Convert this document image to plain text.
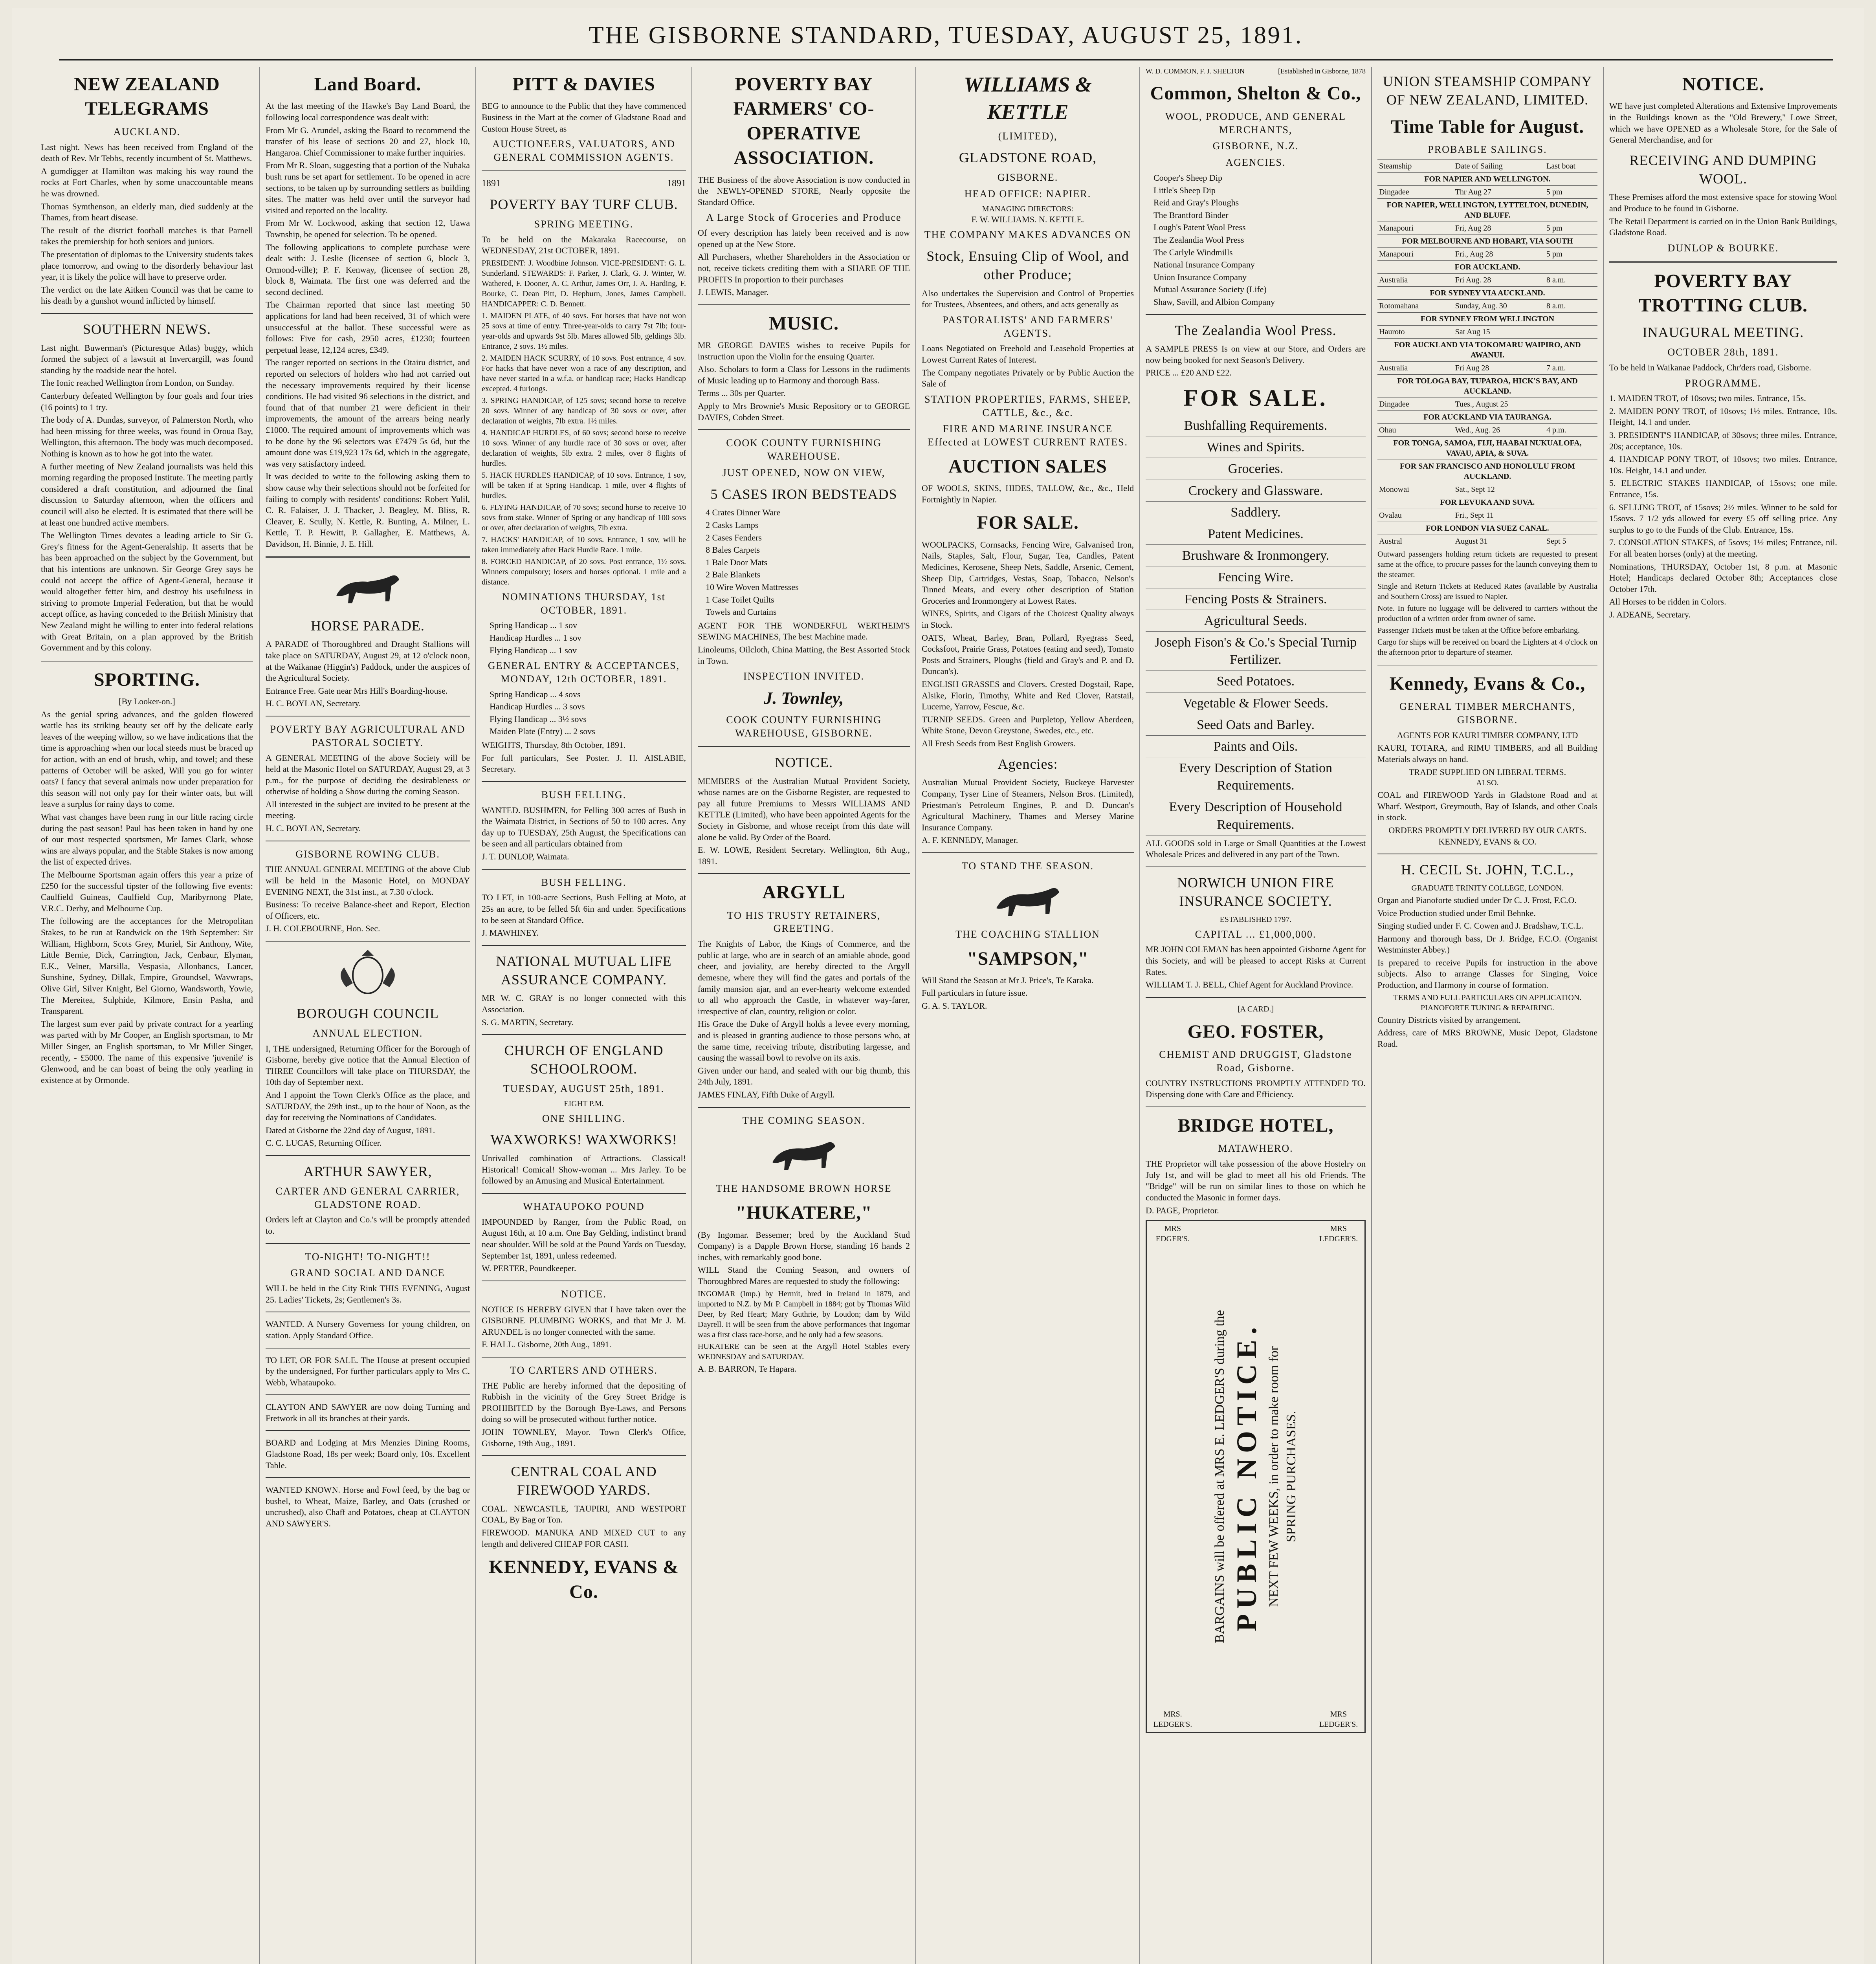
THE GISBORNE STANDARD, TUESDAY, AUGUST 25, 1891.
NEW ZEALAND TELEGRAMS
AUCKLAND.

Last night. News has been received from England of the death of Rev. Mr Tebbs, recently incumbent of St. Matthews.

A gumdigger at Hamilton was making his way round the rocks at Fort Charles, when by some unaccountable means he was drowned.

Thomas Symthenson, an elderly man, died suddenly at the Thames, from heart disease.

The result of the district football matches is that Parnell takes the premiership for both seniors and juniors.

The presentation of diplomas to the University students takes place tomorrow, and owing to the disorderly behaviour last year, it is likely the police will have to preserve order.

The verdict on the late Aitken Council was that he came to his death by a gunshot wound inflicted by himself.

SOUTHERN NEWS.

Last night. Buwerman's (Picturesque Atlas) buggy, which formed the subject of a lawsuit at Invercargill, was found standing by the roadside near the hotel.

The Ionic reached Wellington from London, on Sunday.

Canterbury defeated Wellington by four goals and four tries (16 points) to 1 try.

The body of A. Dundas, surveyor, of Palmerston North, who had been missing for three weeks, was found in Oroua Bay, Wellington, this afternoon. The body was much decomposed. Nothing is known as to how he got into the water.

A further meeting of New Zealand journalists was held this morning regarding the proposed Institute. The meeting partly considered a draft constitution, and adjourned the final discussion to Saturday afternoon, when the officers and council will also be elected. It is estimated that there will be at least one hundred active members.

The Wellington Times devotes a leading article to Sir G. Grey's fitness for the Agent-Generalship. It asserts that he has been approached on the subject by the Government, but that his intentions are unknown. Sir George Grey says he could not accept the office of Agent-General, because it would altogether fetter him, and destroy his usefulness in striving to promote Imperial Federation, but that he would accept office, as having conceded to the British Ministry that New Zealand might be willing to enter into federal relations with Great Britain, on a plan approved by the British Government and by this colony.

SPORTING.
[By Looker-on.]

As the genial spring advances, and the golden flowered wattle has its striking beauty set off by the delicate early leaves of the weeping willow, so we have indications that the time is approaching when our local steeds must be braced up for action, with an end of brush, whip, and towel; and these patterns of October will be asked, Will you go for winter oats? I fancy that several animals now under preparation for this season will not only pay for their winter oats, but will leave a surplus for rainy days to come.

What vast changes have been rung in our little racing circle during the past season! Paul has been taken in hand by one of our most respected sportsmen, Mr James Clark, whose wins are always popular, and the Stable Stakes is now among the list of expected drives.

The Melbourne Sportsman again offers this year a prize of £250 for the successful tipster of the following five events: Caulfield Guineas, Caulfield Cup, Maribyrnong Plate, V.R.C. Derby, and Melbourne Cup.

The following are the acceptances for the Metropolitan Stakes, to be run at Randwick on the 19th September: Sir William, Highborn, Scots Grey, Muriel, Sir Anthony, Wite, Little Bernie, Dick, Carrington, Jack, Cenbaur, Elyman, E.K., Velner, Marsilla, Vespasia, Allonbancs, Lancer, Sunshine, Sydney, Dillak, Empire, Groundsel, Wavwraps, Olive Girl, Silver Knight, Bel Giorno, Wandsworth, Yowie, The Mereitea, Sulphide, Kilmore, Ensin Pasha, and Transparent.

The largest sum ever paid by private contract for a yearling was parted with by Mr Cooper, an English sportsman, to Mr Miller Singer, an English sportsman, to Mr Miller Singer, recently, - £5000. The name of this expensive 'juvenile' is Glenwood, and he can boast of being the only yearling in existence at by Ormonde.

Land Board.

At the last meeting of the Hawke's Bay Land Board, the following local correspondence was dealt with:

From Mr G. Arundel, asking the Board to recommend the transfer of his lease of sections 20 and 27, block 10, Hangaroa. Chief Commissioner to make further inquiries.

From Mr R. Sloan, suggesting that a portion of the Nuhaka bush runs be set apart for settlement. To be opened in acre sections, to be taken up by surrounding settlers as building sites. The matter was held over until the surveyor had visited and reported on the locality.

From Mr W. Lockwood, asking that section 12, Uawa Township, be opened for selection. To be opened.

The following applications to complete purchase were dealt with: J. Leslie (licensee of section 6, block 3, Ormond-ville); P. F. Kenway, (licensee of section 28, block 8, Waimata. The first one was deferred and the second declined.

The Chairman reported that since last meeting 50 applications for land had been received, 31 of which were unsuccessful at the ballot. These successful were as follows: Five for cash, 2950 acres, £1230; fourteen perpetual lease, 12,124 acres, £349.

The ranger reported on sections in the Otairu district, and reported on selectors of holders who had not carried out the necessary improvements required by their license conditions. He had visited 96 selections in the district, and found that of that number 21 were deficient in their improvements, the amount of the arrears being nearly £1000. The required amount of improvements which was to be done by the 96 selectors was £7479 5s 6d, but the amount done was £19,923 17s 6d, which in the aggregate, was very satisfactory indeed.

It was decided to write to the following asking them to show cause why their selections should not be forfeited for failing to comply with residents' conditions: Robert Yulil, C. R. Falaiser, J. J. Thacker, J. Beagley, M. Bliss, R. Cleaver, E. Scully, N. Kettle, R. Bunting, A. Milner, L. Kettle, T. P. Hewitt, P. Gallagher, E. Matthews, A. Davidson, H. Binnie, J. E. Hill.

HORSE PARADE.

A PARADE of Thoroughbred and Draught Stallions will take place on SATURDAY, August 29, at 12 o'clock noon, at the Waikanae (Higgin's) Paddock, under the auspices of the Agricultural Society.

Entrance Free. Gate near Mrs Hill's Boarding-house.

H. C. BOYLAN, Secretary.

POVERTY BAY AGRICULTURAL AND PASTORAL SOCIETY.

A GENERAL MEETING of the above Society will be held at the Masonic Hotel on SATURDAY, August 29, at 3 p.m., for the purpose of deciding the desirableness or otherwise of holding a Show during the coming Season.

All interested in the subject are invited to be present at the meeting.

H. C. BOYLAN, Secretary.

GISBORNE ROWING CLUB.

THE ANNUAL GENERAL MEETING of the above Club will be held in the Masonic Hotel, on MONDAY EVENING NEXT, the 31st inst., at 7.30 o'clock.

Business: To receive Balance-sheet and Report, Election of Officers, etc.

J. H. COLEBOURNE, Hon. Sec.

BOROUGH COUNCIL
ANNUAL ELECTION.

I, THE undersigned, Returning Officer for the Borough of Gisborne, hereby give notice that the Annual Election of THREE Councillors will take place on THURSDAY, the 10th day of September next.

And I appoint the Town Clerk's Office as the place, and SATURDAY, the 29th inst., up to the hour of Noon, as the day for receiving the Nominations of Candidates.

Dated at Gisborne the 22nd day of August, 1891.

C. C. LUCAS, Returning Officer.

ARTHUR SAWYER,
CARTER AND GENERAL CARRIER, GLADSTONE ROAD.

Orders left at Clayton and Co.'s will be promptly attended to.

TO-NIGHT! TO-NIGHT!!
GRAND SOCIAL AND DANCE

WILL be held in the City Rink THIS EVENING, August 25. Ladies' Tickets, 2s; Gentlemen's 3s.

WANTED. A Nursery Governess for young children, on station. Apply Standard Office.

TO LET, OR FOR SALE. The House at present occupied by the undersigned, For further particulars apply to Mrs C. Webb, Whataupoko.

CLAYTON AND SAWYER are now doing Turning and Fretwork in all its branches at their yards.

BOARD and Lodging at Mrs Menzies Dining Rooms, Gladstone Road, 18s per week; Board only, 10s. Excellent Table.

WANTED KNOWN. Horse and Fowl feed, by the bag or bushel, to Wheat, Maize, Barley, and Oats (crushed or uncrushed), also Chaff and Potatoes, cheap at CLAYTON AND SAWYER'S.

PITT & DAVIES

BEG to announce to the Public that they have commenced Business in the Mart at the corner of Gladstone Road and Custom House Street, as

AUCTIONEERS, VALUATORS, AND GENERAL COMMISSION AGENTS.
1891	1891
POVERTY BAY TURF CLUB.
SPRING MEETING.

To be held on the Makaraka Racecourse, on WEDNESDAY, 21st OCTOBER, 1891.

PRESIDENT: J. Woodbine Johnson. VICE-PRESIDENT: G. L. Sunderland. STEWARDS: F. Parker, J. Clark, G. J. Winter, W. Wathered, F. Dooner, A. C. Arthur, James Orr, J. A. Harding, F. Bourke, C. Dean Pitt, D. Hepburn, Jones, James Campbell. HANDICAPPER: C. D. Bennett.

1. MAIDEN PLATE, of 40 sovs. For horses that have not won 25 sovs at time of entry. Three-year-olds to carry 7st 7lb; four-year-olds and upwards 9st 5lb. Mares allowed 5lb, geldings 3lb. Entrance, 2 sovs. 1½ miles.

2. MAIDEN HACK SCURRY, of 10 sovs. Post entrance, 4 sov. For hacks that have never won a race of any description, and have never started in a w.f.a. or handicap race; Hacks Handicap excepted. 4 furlongs.

3. SPRING HANDICAP, of 125 sovs; second horse to receive 20 sovs. Winner of any handicap of 30 sovs or over, after declaration of weights, 7lb extra. 1½ miles.

4. HANDICAP HURDLES, of 60 sovs; second horse to receive 10 sovs. Winner of any hurdle race of 30 sovs or over, after declaration of weights, 5lb extra. 2 miles, over 8 flights of hurdles.

5. HACK HURDLES HANDICAP, of 10 sovs. Entrance, 1 sov, will be taken if at Spring Handicap. 1 mile, over 4 flights of hurdles.

6. FLYING HANDICAP, of 70 sovs; second horse to receive 10 sovs from stake. Winner of Spring or any handicap of 100 sovs or over, after declaration of weights, 7lb extra.

7. HACKS' HANDICAP, of 10 sovs. Entrance, 1 sov, will be taken immediately after Hack Hurdle Race. 1 mile.

8. FORCED HANDICAP, of 20 sovs. Post entrance, 1½ sovs. Winners compulsory; losers and horses optional. 1 mile and a distance.

NOMINATIONS THURSDAY, 1st OCTOBER, 1891.
Spring Handicap ... 1 sov
Handicap Hurdles ... 1 sov
Flying Handicap ... 1 sov
GENERAL ENTRY & ACCEPTANCES, MONDAY, 12th OCTOBER, 1891.
Spring Handicap ... 4 sovs
Handicap Hurdles ... 3 sovs
Flying Handicap ... 3½ sovs
Maiden Plate (Entry) ... 2 sovs

WEIGHTS, Thursday, 8th October, 1891.

For full particulars, See Poster. J. H. AISLABIE, Secretary.

BUSH FELLING.

WANTED. BUSHMEN, for Felling 300 acres of Bush in the Waimata District, in Sections of 50 to 100 acres. Any day up to TUESDAY, 25th August, the Specifications can be seen and all particulars obtained from

J. T. DUNLOP, Waimata.

BUSH FELLING.

TO LET, in 100-acre Sections, Bush Felling at Moto, at 25s an acre, to be felled 5ft 6in and under. Specifications to be seen at Standard Office.

J. MAWHINEY.

NATIONAL MUTUAL LIFE ASSURANCE COMPANY.

MR W. C. GRAY is no longer connected with this Association.

S. G. MARTIN, Secretary.

CHURCH OF ENGLAND SCHOOLROOM.
TUESDAY, AUGUST 25th, 1891.
EIGHT P.M.
ONE SHILLING.
WAXWORKS! WAXWORKS!

Unrivalled combination of Attractions. Classical! Historical! Comical! Show-woman ... Mrs Jarley. To be followed by an Amusing and Musical Entertainment.

WHATAUPOKO POUND

IMPOUNDED by Ranger, from the Public Road, on August 16th, at 10 a.m. One Bay Gelding, indistinct brand near shoulder. Will be sold at the Pound Yards on Tuesday, September 1st, 1891, unless redeemed.

W. PERTER, Poundkeeper.

NOTICE.

NOTICE IS HEREBY GIVEN that I have taken over the GISBORNE PLUMBING WORKS, and that Mr J. M. ARUNDEL is no longer connected with the same.

F. HALL. Gisborne, 20th Aug., 1891.

TO CARTERS AND OTHERS.

THE Public are hereby informed that the depositing of Rubbish in the vicinity of the Grey Street Bridge is PROHIBITED by the Borough Bye-Laws, and Persons doing so will be prosecuted without further notice.

JOHN TOWNLEY, Mayor. Town Clerk's Office, Gisborne, 19th Aug., 1891.

CENTRAL COAL AND FIREWOOD YARDS.

COAL. NEWCASTLE, TAUPIRI, AND WESTPORT COAL, By Bag or Ton.

FIREWOOD. MANUKA AND MIXED CUT to any length and delivered CHEAP FOR CASH.

KENNEDY, EVANS & Co.
POVERTY BAY FARMERS' CO-OPERATIVE ASSOCIATION.

THE Business of the above Association is now conducted in the NEWLY-OPENED STORE, Nearly opposite the Standard Office.

A Large Stock of Groceries and Produce

Of every description has lately been received and is now opened up at the New Store.

All Purchasers, whether Shareholders in the Association or not, receive tickets crediting them with a SHARE OF THE PROFITS In proportion to their purchases

J. LEWIS, Manager.

MUSIC.

MR GEORGE DAVIES wishes to receive Pupils for instruction upon the Violin for the ensuing Quarter.

Also. Scholars to form a Class for Lessons in the rudiments of Music leading up to Harmony and thorough Bass.

Terms ... 30s per Quarter.

Apply to Mrs Brownie's Music Repository or to GEORGE DAVIES, Cobden Street.

COOK COUNTY FURNISHING WAREHOUSE.
JUST OPENED, NOW ON VIEW,
5 CASES IRON BEDSTEADS
4 Crates Dinner Ware
2 Casks Lamps
2 Cases Fenders
8 Bales Carpets
1 Bale Door Mats
2 Bale Blankets
10 Wire Woven Mattresses
1 Case Toilet Quilts
Towels and Curtains

AGENT FOR THE WONDERFUL WERTHEIM'S SEWING MACHINES, The best Machine made.

Linoleums, Oilcloth, China Matting, the Best Assorted Stock in Town.

INSPECTION INVITED.
J. Townley,
COOK COUNTY FURNISHING WAREHOUSE, GISBORNE.
NOTICE.

MEMBERS of the Australian Mutual Provident Society, whose names are on the Gisborne Register, are requested to pay all future Premiums to Messrs WILLIAMS AND KETTLE (Limited), who have been appointed Agents for the Society in Gisborne, and whose receipt from this date will alone be valid. By Order of the Board.

E. W. LOWE, Resident Secretary. Wellington, 6th Aug., 1891.

ARGYLL
TO HIS TRUSTY RETAINERS, GREETING.

The Knights of Labor, the Kings of Commerce, and the public at large, who are in search of an amiable abode, good cheer, and joviality, are hereby directed to the Argyll demesne, where they will find the gates and portals of the family mansion ajar, and an ever-hearty welcome extended to all who approach the Castle, in whatever way-farer, irrespective of clan, country, religion or color.

His Grace the Duke of Argyll holds a levee every morning, and is pleased in granting audience to those persons who, at the same time, receiving tribute, distributing largesse, and causing the wassail bowl to revolve on its axis.

Given under our hand, and sealed with our big thumb, this 24th July, 1891.

JAMES FINLAY, Fifth Duke of Argyll.

THE COMING SEASON.
THE HANDSOME BROWN HORSE
"HUKATERE,"

(By Ingomar. Bessemer; bred by the Auckland Stud Company) is a Dapple Brown Horse, standing 16 hands 2 inches, with remarkably good bone.

WILL Stand the Coming Season, and owners of Thoroughbred Mares are requested to study the following:

INGOMAR (Imp.) by Hermit, bred in Ireland in 1879, and imported to N.Z. by Mr P. Campbell in 1884; got by Thomas Wild Deer, by Red Heart; Mary Guthrie, by Loudon; dam by Wild Dayrell. It will be seen from the above performances that Ingomar was a first class race-horse, and he only had a few seasons.

HUKATERE can be seen at the Argyll Hotel Stables every WEDNESDAY and SATURDAY.

A. B. BARRON, Te Hapara.

WILLIAMS & KETTLE
(LIMITED),
GLADSTONE ROAD,
GISBORNE.
HEAD OFFICE: NAPIER.
MANAGING DIRECTORS:
F. W. WILLIAMS. N. KETTLE.
THE COMPANY MAKES ADVANCES ON
Stock, Ensuing Clip of Wool, and other Produce;

Also undertakes the Supervision and Control of Properties for Trustees, Absentees, and others, and acts generally as

PASTORALISTS' AND FARMERS' AGENTS.

Loans Negotiated on Freehold and Leasehold Properties at Lowest Current Rates of Interest.

The Company negotiates Privately or by Public Auction the Sale of

STATION PROPERTIES, FARMS, SHEEP, CATTLE, &c., &c.
FIRE AND MARINE INSURANCE Effected at LOWEST CURRENT RATES.
AUCTION SALES

OF WOOLS, SKINS, HIDES, TALLOW, &c., &c., Held Fortnightly in Napier.

FOR SALE.

WOOLPACKS, Cornsacks, Fencing Wire, Galvanised Iron, Nails, Staples, Salt, Flour, Sugar, Tea, Candles, Patent Medicines, Kerosene, Sheep Nets, Saddle, Arsenic, Cement, Sheep Dip, Cartridges, Vestas, Soap, Tobacco, Nelson's Tinned Meats, and every other description of Station Groceries and Ironmongery at Lowest Rates.

WINES, Spirits, and Cigars of the Choicest Quality always in Stock.

OATS, Wheat, Barley, Bran, Pollard, Ryegrass Seed, Cocksfoot, Prairie Grass, Potatoes (eating and seed), Tomato Posts and Strainers, Ploughs (field and Gray's and P. and D. Duncan's).

ENGLISH GRASSES and Clovers. Crested Dogstail, Rape, Alsike, Florin, Timothy, White and Red Clover, Ratstail, Lucerne, Yarrow, Fescue, &c.

TURNIP SEEDS. Green and Purpletop, Yellow Aberdeen, White Stone, Devon Greystone, Swedes, etc., etc.

All Fresh Seeds from Best English Growers.

Agencies:

Australian Mutual Provident Society, Buckeye Harvester Company, Tyser Line of Steamers, Nelson Bros. (Limited), Priestman's Petroleum Engines, P. and D. Duncan's Agricultural Machinery, Thames and Mersey Marine Insurance Company.

A. F. KENNEDY, Manager.

TO STAND THE SEASON.
THE COACHING STALLION
"SAMPSON,"

Will Stand the Season at Mr J. Price's, Te Karaka.

Full particulars in future issue.

G. A. S. TAYLOR.

W. D. COMMON, F. J. SHELTON	[Established in Gisborne, 1878
Common, Shelton & Co.,
WOOL, PRODUCE, AND GENERAL MERCHANTS,
GISBORNE, N.Z.
AGENCIES.
Cooper's Sheep Dip
Little's Sheep Dip
Reid and Gray's Ploughs
The Brantford Binder
Lough's Patent Wool Press
The Zealandia Wool Press
The Carlyle Windmills
National Insurance Company
Union Insurance Company
Mutual Assurance Society (Life)
Shaw, Savill, and Albion Company
The Zealandia Wool Press.

A SAMPLE PRESS Is on view at our Store, and Orders are now being booked for next Season's Delivery.

PRICE ... £20 AND £22.

FOR SALE.
Bushfalling Requirements.
Wines and Spirits.
Groceries.
Crockery and Glassware.
Saddlery.
Patent Medicines.
Brushware & Ironmongery.
Fencing Wire.
Fencing Posts & Strainers.
Agricultural Seeds.
Joseph Fison's & Co.'s Special Turnip Fertilizer.
Seed Potatoes.
Vegetable & Flower Seeds.
Seed Oats and Barley.
Paints and Oils.
Every Description of Station Requirements.
Every Description of Household Requirements.

ALL GOODS sold in Large or Small Quantities at the Lowest Wholesale Prices and delivered in any part of the Town.

NORWICH UNION FIRE INSURANCE SOCIETY.
ESTABLISHED 1797.
CAPITAL ... £1,000,000.

MR JOHN COLEMAN has been appointed Gisborne Agent for this Society, and will be pleased to accept Risks at Current Rates.

WILLIAM T. J. BELL, Chief Agent for Auckland Province.

[A CARD.]
GEO. FOSTER,
CHEMIST AND DRUGGIST, Gladstone Road, Gisborne.

COUNTRY INSTRUCTIONS PROMPTLY ATTENDED TO. Dispensing done with Care and Efficiency.

BRIDGE HOTEL,
MATAWHERO.

THE Proprietor will take possession of the above Hostelry on July 1st, and will be glad to meet all his old Friends. The "Bridge" will be run on similar lines to those on which he conducted the Masonic in former days.

D. PAGE, Proprietor.

MRS EDGER'S.
MRS LEDGER'S.
MRS. LEDGER'S.
MRS LEDGER'S.
BARGAINS will be offered at MRS E. LEDGER'S during the PUBLIC NOTICE. NEXT FEW WEEKS, in order to make room for SPRING PURCHASES.
UNION STEAMSHIP COMPANY OF NEW ZEALAND, LIMITED.
Time Table for August.
PROBABLE SAILINGS.
Steamship	Date of Sailing	Last boat
FOR NAPIER AND WELLINGTON.		
Dingadee	Thr Aug 27	5 pm
FOR NAPIER, WELLINGTON, LYTTELTON, DUNEDIN, AND BLUFF.		
Manapouri	Fri, Aug 28	5 pm
FOR MELBOURNE AND HOBART, VIA SOUTH		
Manapouri	Fri., Aug 28	5 pm
FOR AUCKLAND.		
Australia	Fri Aug. 28	8 a.m.
FOR SYDNEY VIA AUCKLAND.		
Rotomahana	Sunday, Aug. 30	8 a.m.
FOR SYDNEY FROM WELLINGTON		
Hauroto	Sat Aug 15	
FOR AUCKLAND VIA TOKOMARU WAIPIRO, AND AWANUI.		
Australia	Fri Aug 28	7 a.m.
FOR TOLOGA BAY, TUPAROA, HICK'S BAY, AND AUCKLAND.		
Dingadee	Tues., August 25	
FOR AUCKLAND VIA TAURANGA.		
Ohau	Wed., Aug. 26	4 p.m.
FOR TONGA, SAMOA, FIJI, HAABAI NUKUALOFA, VAVAU, APIA, & SUVA.		
FOR SAN FRANCISCO AND HONOLULU FROM AUCKLAND.		
Monowai	Sat., Sept 12	
FOR LEVUKA AND SUVA.		
Ovalau	Fri., Sept 11	
FOR LONDON VIA SUEZ CANAL.		
Austral	August 31	Sept 5

Outward passengers holding return tickets are requested to present same at the office, to procure passes for the launch conveying them to the steamer.

Single and Return Tickets at Reduced Rates (available by Australia and Southern Cross) are issued to Napier.

Note. In future no luggage will be delivered to carriers without the production of a written order from owner of same.

Passenger Tickets must be taken at the Office before embarking.

Cargo for ships will be received on board the Lighters at 4 o'clock on the afternoon prior to departure of steamer.

Kennedy, Evans & Co.,
GENERAL TIMBER MERCHANTS, GISBORNE.
AGENTS FOR KAURI TIMBER COMPANY, LTD

KAURI, TOTARA, and RIMU TIMBERS, and all Building Materials always on hand.

TRADE SUPPLIED ON LIBERAL TERMS.
ALSO.

COAL and FIREWOOD Yards in Gladstone Road and at Wharf. Westport, Greymouth, Bay of Islands, and other Coals in stock.

ORDERS PROMPTLY DELIVERED BY OUR CARTS.
KENNEDY, EVANS & CO.
H. CECIL St. JOHN, T.C.L.,
GRADUATE TRINITY COLLEGE, LONDON.

Organ and Pianoforte studied under Dr C. J. Frost, F.C.O.

Voice Production studied under Emil Behnke.

Singing studied under F. C. Cowen and J. Bradshaw, T.C.L.

Harmony and thorough bass, Dr J. Bridge, F.C.O. (Organist Westminster Abbey.)

Is prepared to receive Pupils for instruction in the above subjects. Also to arrange Classes for Singing, Voice Production, and Harmony in course of formation.

TERMS AND FULL PARTICULARS ON APPLICATION.
PIANOFORTE TUNING & REPAIRING.

Country Districts visited by arrangement.

Address, care of MRS BROWNE, Music Depot, Gladstone Road.

NOTICE.

WE have just completed Alterations and Extensive Improvements in the Buildings known as the "Old Brewery," Lowe Street, which we have OPENED as a Wholesale Store, for the Sale of General Merchandise, and for

RECEIVING AND DUMPING WOOL.

These Premises afford the most extensive space for stowing Wool and Produce to be found in Gisborne.

The Retail Department is carried on in the Union Bank Buildings, Gladstone Road.

DUNLOP & BOURKE.
POVERTY BAY TROTTING CLUB.
INAUGURAL MEETING.
OCTOBER 28th, 1891.

To be held in Waikanae Paddock, Chr'ders road, Gisborne.

PROGRAMME.

1. MAIDEN TROT, of 10sovs; two miles. Entrance, 15s.

2. MAIDEN PONY TROT, of 10sovs; 1½ miles. Entrance, 10s. Height, 14.1 and under.

3. PRESIDENT'S HANDICAP, of 30sovs; three miles. Entrance, 20s; acceptance, 10s.

4. HANDICAP PONY TROT, of 10sovs; two miles. Entrance, 10s. Height, 14.1 and under.

5. ELECTRIC STAKES HANDICAP, of 15sovs; one mile. Entrance, 15s.

6. SELLING TROT, of 15sovs; 2½ miles. Winner to be sold for 15sovs. 7 1/2 yds allowed for every £5 off selling price. Any surplus to go to the Funds of the Club. Entrance, 15s.

7. CONSOLATION STAKES, of 5sovs; 1½ miles; Entrance, nil. For all beaten horses (only) at the meeting.

Nominations, THURSDAY, October 1st, 8 p.m. at Masonic Hotel; Handicaps declared October 8th; Acceptances close October 17th.

All Horses to be ridden in Colors.

J. ADEANE, Secretary.
